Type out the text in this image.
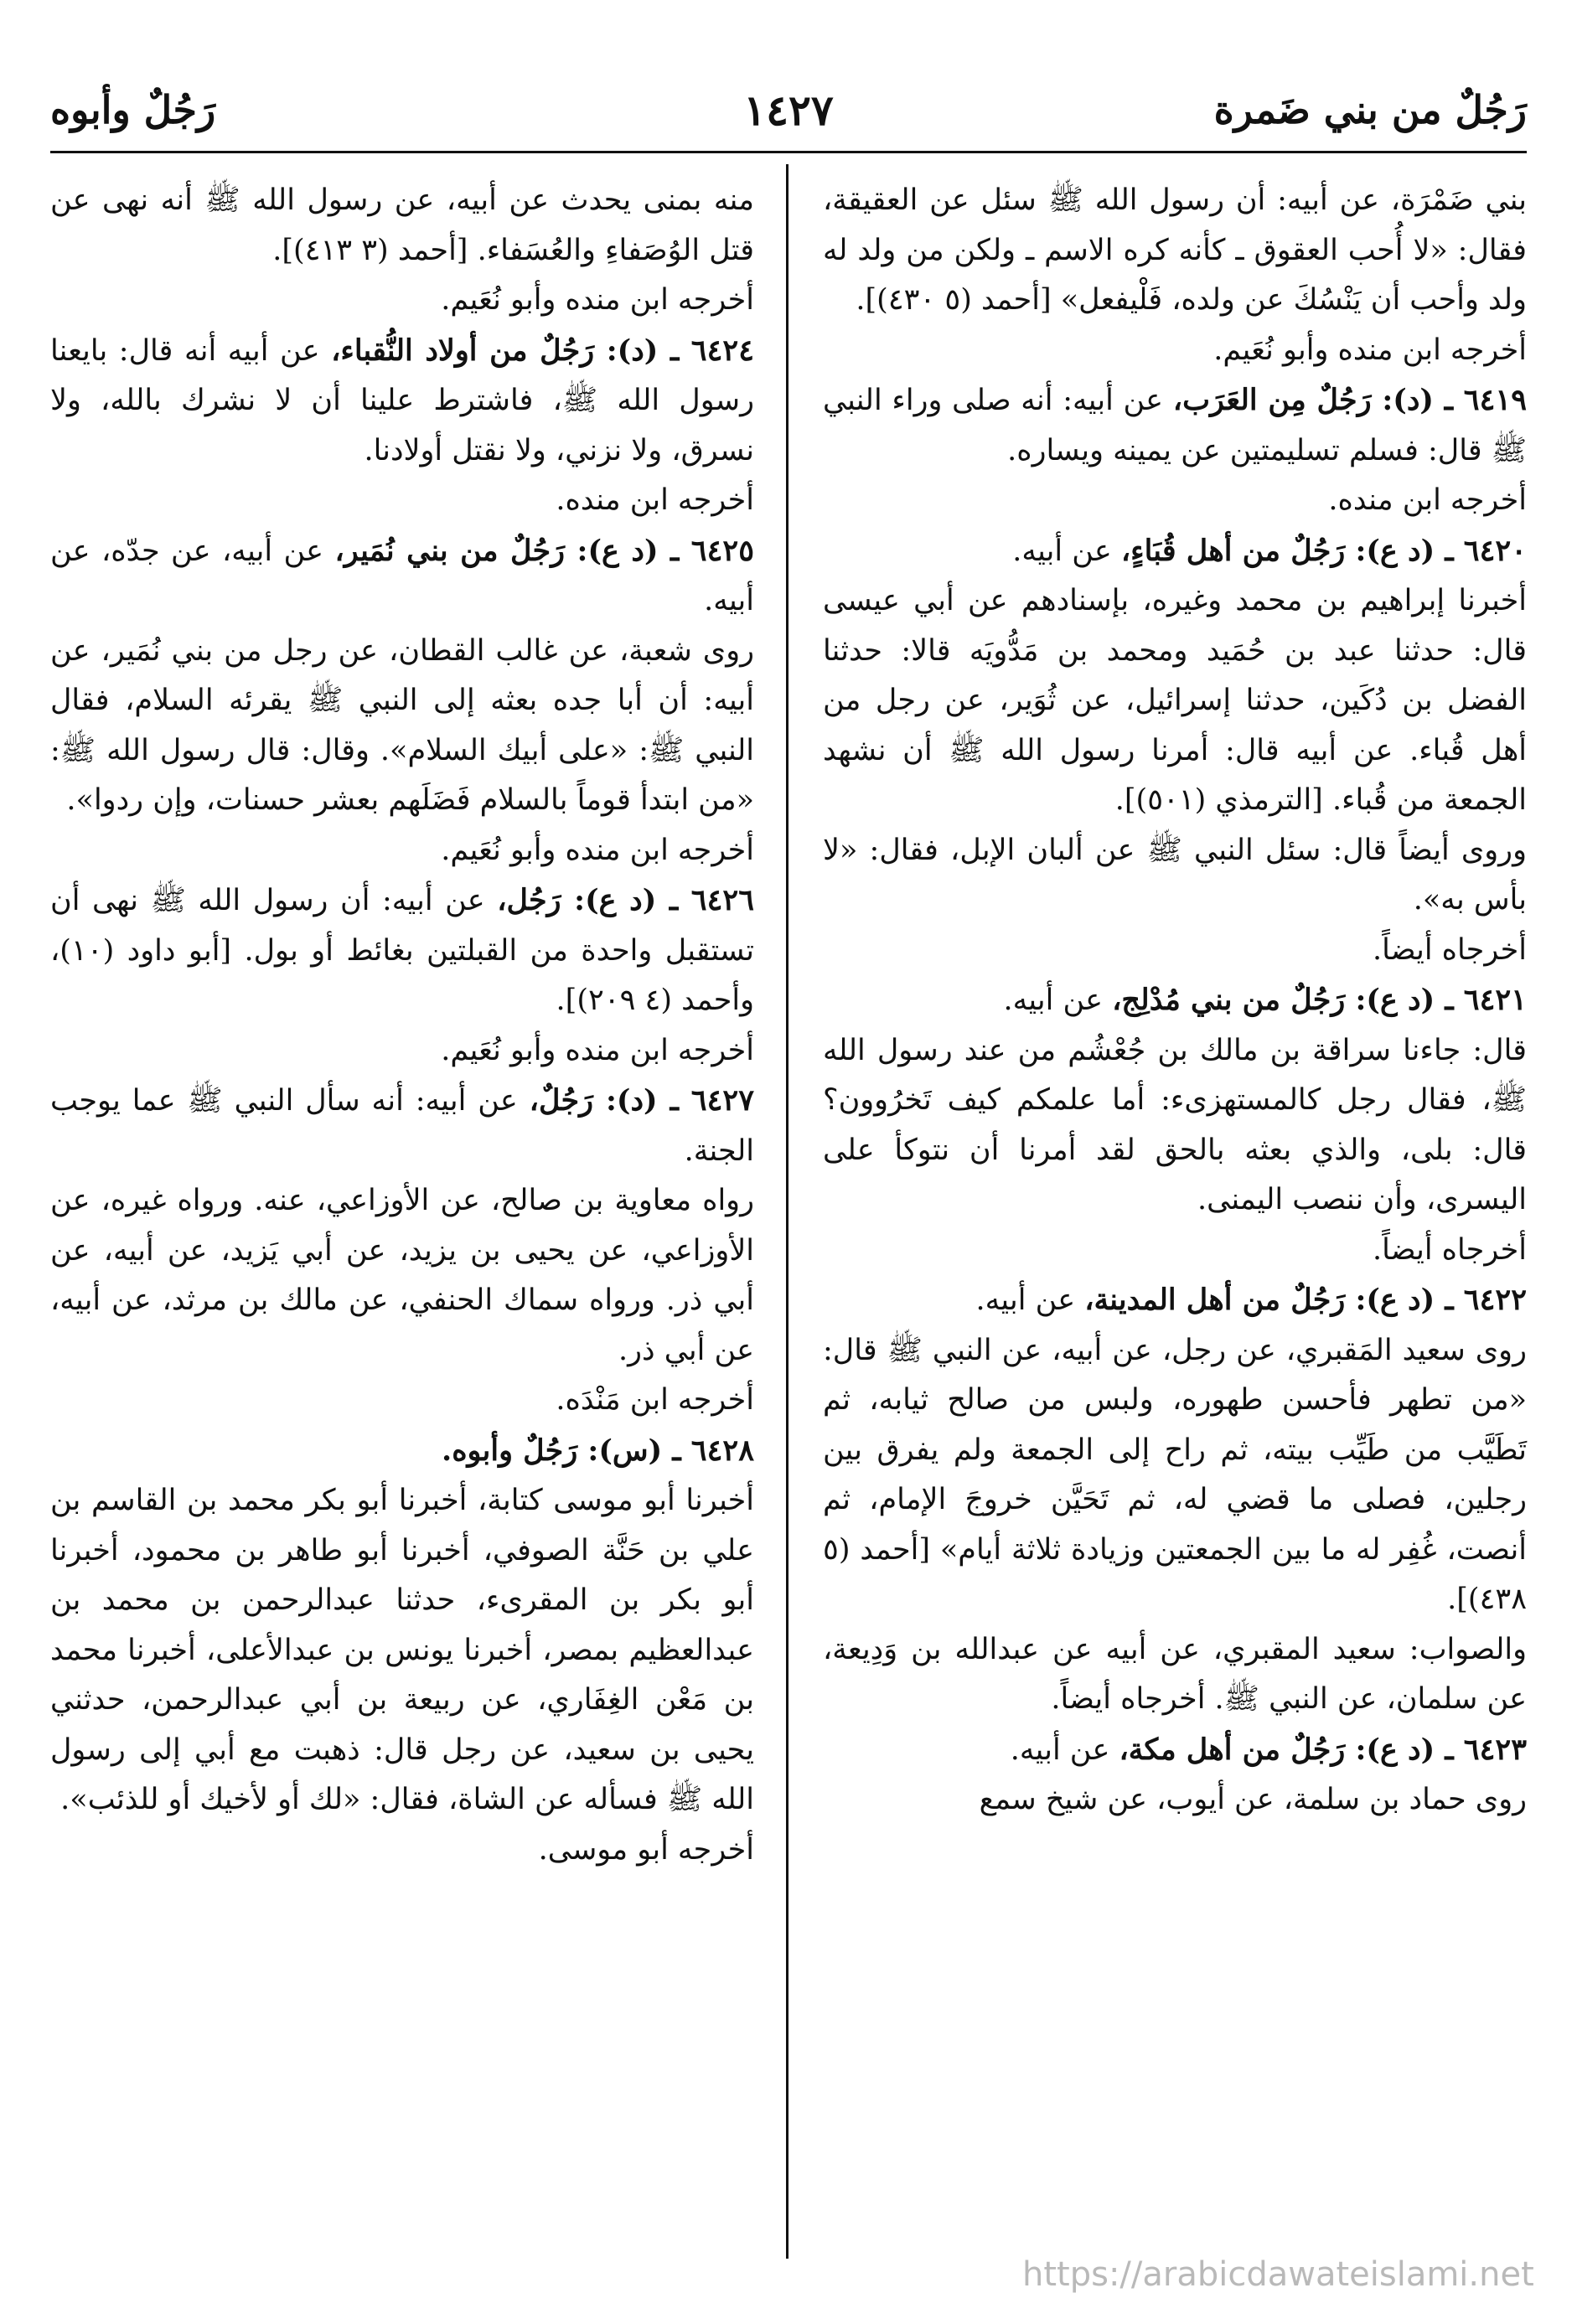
رَجُلٌ من بني ضَمرة
١٤٢٧
رَجُلٌ وأبوه

بني ضَمْرَة، عن أبيه: أن رسول الله ﷺ سئل عن العقيقة، فقال: «لا أُحب العقوق ـ كأنه كره الاسم ـ ولكن من ولد له ولد وأحب أن يَنْسُكَ عن ولده، فَلْيفعل» [أحمد (٥ ٤٣٠)].

أخرجه ابن منده وأبو نُعَيم.

٦٤١٩ ـ (د): رَجُلٌ مِن العَرَب، عن أبيه: أنه صلى وراء النبي ﷺ قال: فسلم تسليمتين عن يمينه ويساره.

أخرجه ابن منده.

٦٤٢٠ ـ (د ع): رَجُلٌ من أهل قُبَاءٍ، عن أبيه.

أخبرنا إبراهيم بن محمد وغيره، بإسنادهم عن أبي عيسى قال: حدثنا عبد بن حُمَيد ومحمد بن مَدُّويَه قالا: حدثنا الفضل بن دُكَين، حدثنا إسرائيل، عن ثُوَير، عن رجل من أهل قُباء. عن أبيه قال: أمرنا رسول الله ﷺ أن نشهد الجمعة من قُباء. [الترمذي (٥٠١)].

وروى أيضاً قال: سئل النبي ﷺ عن ألبان الإبل، فقال: «لا بأس به».

أخرجاه أيضاً.

٦٤٢١ ـ (د ع): رَجُلٌ من بني مُدْلِج، عن أبيه.

قال: جاءنا سراقة بن مالك بن جُعْشُم من عند رسول الله ﷺ، فقال رجل كالمستهزىء: أما علمكم كيف تَخرُوون؟ قال: بلى، والذي بعثه بالحق لقد أمرنا أن نتوكأ على اليسرى، وأن ننصب اليمنى.

أخرجاه أيضاً.

٦٤٢٢ ـ (د ع): رَجُلٌ من أهل المدينة، عن أبيه.

روى سعيد المَقبري، عن رجل، عن أبيه، عن النبي ﷺ قال: «من تطهر فأحسن طهوره، ولبس من صالح ثيابه، ثم تَطَيَّب من طَيِّب بيته، ثم راح إلى الجمعة ولم يفرق بين رجلين، فصلى ما قضي له، ثم تَحَيَّن خروجَ الإمام، ثم أنصت، غُفِر له ما بين الجمعتين وزيادة ثلاثة أيام» [أحمد (٥ ٤٣٨)].

والصواب: سعيد المقبري، عن أبيه عن عبدالله بن وَدِيعة، عن سلمان، عن النبي ﷺ. أخرجاه أيضاً.

٦٤٢٣ ـ (د ع): رَجُلٌ من أهل مكة، عن أبيه.

روى حماد بن سلمة، عن أيوب، عن شيخ سمع

منه بمنى يحدث عن أبيه، عن رسول الله ﷺ أنه نهى عن قتل الوُصَفاءِ والعُسَفاء. [أحمد (٣ ٤١٣)].

أخرجه ابن منده وأبو نُعَيم.

٦٤٢٤ ـ (د): رَجُلٌ من أولاد النُّقباء، عن أبيه أنه قال: بايعنا رسول الله ﷺ، فاشترط علينا أن لا نشرك بالله، ولا نسرق، ولا نزني، ولا نقتل أولادنا.

أخرجه ابن منده.

٦٤٢٥ ـ (د ع): رَجُلٌ من بني نُمَير، عن أبيه، عن جدّه، عن أبيه.

روى شعبة، عن غالب القطان، عن رجل من بني نُمَير، عن أبيه: أن أبا جده بعثه إلى النبي ﷺ يقرئه السلام، فقال النبي ﷺ: «على أبيك السلام». وقال: قال رسول الله ﷺ: «من ابتدأ قوماً بالسلام فَضَلَهم بعشر حسنات، وإن ردوا».

أخرجه ابن منده وأبو نُعَيم.

٦٤٢٦ ـ (د ع): رَجُل، عن أبيه: أن رسول الله ﷺ نهى أن تستقبل واحدة من القبلتين بغائط أو بول. [أبو داود (١٠)، وأحمد (٤ ٢٠٩)].

أخرجه ابن منده وأبو نُعَيم.

٦٤٢٧ ـ (د): رَجُلٌ، عن أبيه: أنه سأل النبي ﷺ عما يوجب الجنة.

رواه معاوية بن صالح، عن الأوزاعي، عنه. ورواه غيره، عن الأوزاعي، عن يحيى بن يزيد، عن أبي يَزيد، عن أبيه، عن أبي ذر. ورواه سماك الحنفي، عن مالك بن مرثد، عن أبيه، عن أبي ذر.

أخرجه ابن مَنْدَه.

٦٤٢٨ ـ (س): رَجُلٌ وأبوه.

أخبرنا أبو موسى كتابة، أخبرنا أبو بكر محمد بن القاسم بن علي بن حَنَّة الصوفي، أخبرنا أبو طاهر بن محمود، أخبرنا أبو بكر بن المقرىء، حدثنا عبدالرحمن بن محمد بن عبدالعظيم بمصر، أخبرنا يونس بن عبدالأعلى، أخبرنا محمد بن مَعْن الغِفَاري، عن ربيعة بن أبي عبدالرحمن، حدثني يحيى بن سعيد، عن رجل قال: ذهبت مع أبي إلى رسول الله ﷺ فسأله عن الشاة، فقال: «لك أو لأخيك أو للذئب».

أخرجه أبو موسى.

https://arabicdawateislami.net
